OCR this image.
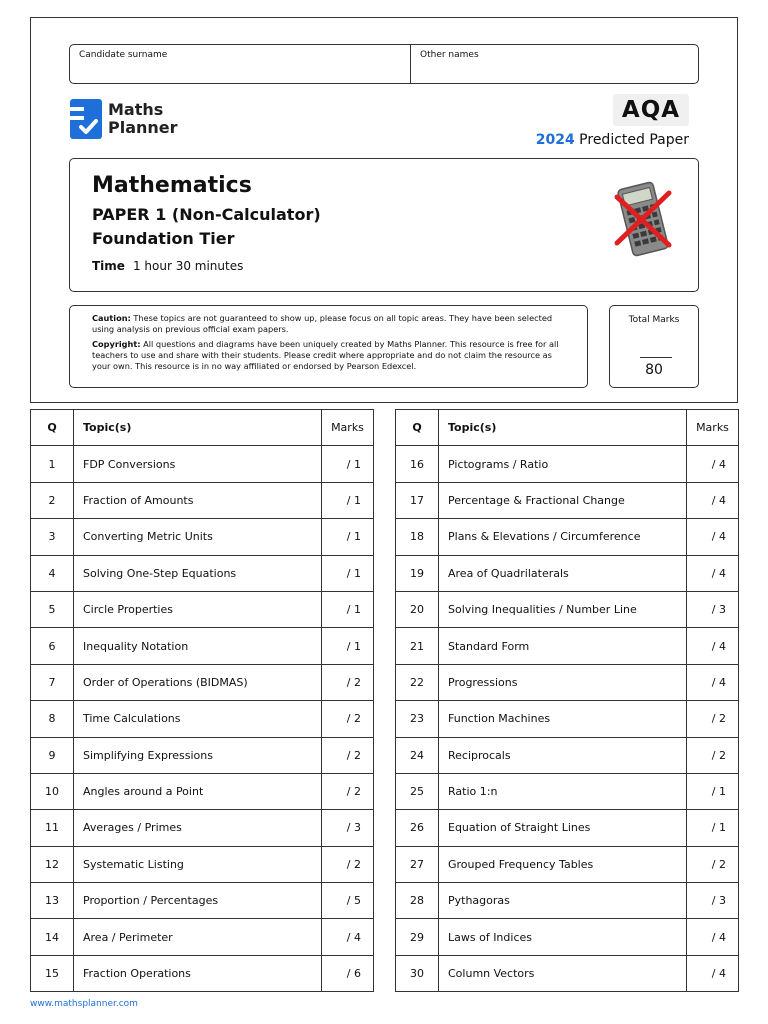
Candidate surname	Other names
Maths
Planner
AQA
2024 Predicted Paper
Mathematics
PAPER 1 (Non-Calculator)
Foundation Tier
Time 1 hour 30 minutes

Caution: These topics are not guaranteed to show up, please focus on all topic areas. They have been selected using analysis on previous official exam papers.

Copyright: All questions and diagrams have been uniquely created by Maths Planner. This resource is free for all teachers to use and share with their students. Please credit where appropriate and do not claim the resource as your own. This resource is in no way affiliated or endorsed by Pearson Edexcel.

Total Marks
80
Q	Topic(s)	Marks
1	FDP Conversions	/ 1
2	Fraction of Amounts	/ 1
3	Converting Metric Units	/ 1
4	Solving One-Step Equations	/ 1
5	Circle Properties	/ 1
6	Inequality Notation	/ 1
7	Order of Operations (BIDMAS)	/ 2
8	Time Calculations	/ 2
9	Simplifying Expressions	/ 2
10	Angles around a Point	/ 2
11	Averages / Primes	/ 3
12	Systematic Listing	/ 2
13	Proportion / Percentages	/ 5
14	Area / Perimeter	/ 4
15	Fraction Operations	/ 6
Q	Topic(s)	Marks
16	Pictograms / Ratio	/ 4
17	Percentage & Fractional Change	/ 4
18	Plans & Elevations / Circumference	/ 4
19	Area of Quadrilaterals	/ 4
20	Solving Inequalities / Number Line	/ 3
21	Standard Form	/ 4
22	Progressions	/ 4
23	Function Machines	/ 2
24	Reciprocals	/ 2
25	Ratio 1:n	/ 1
26	Equation of Straight Lines	/ 1
27	Grouped Frequency Tables	/ 2
28	Pythagoras	/ 3
29	Laws of Indices	/ 4
30	Column Vectors	/ 4
www.mathsplanner.com
